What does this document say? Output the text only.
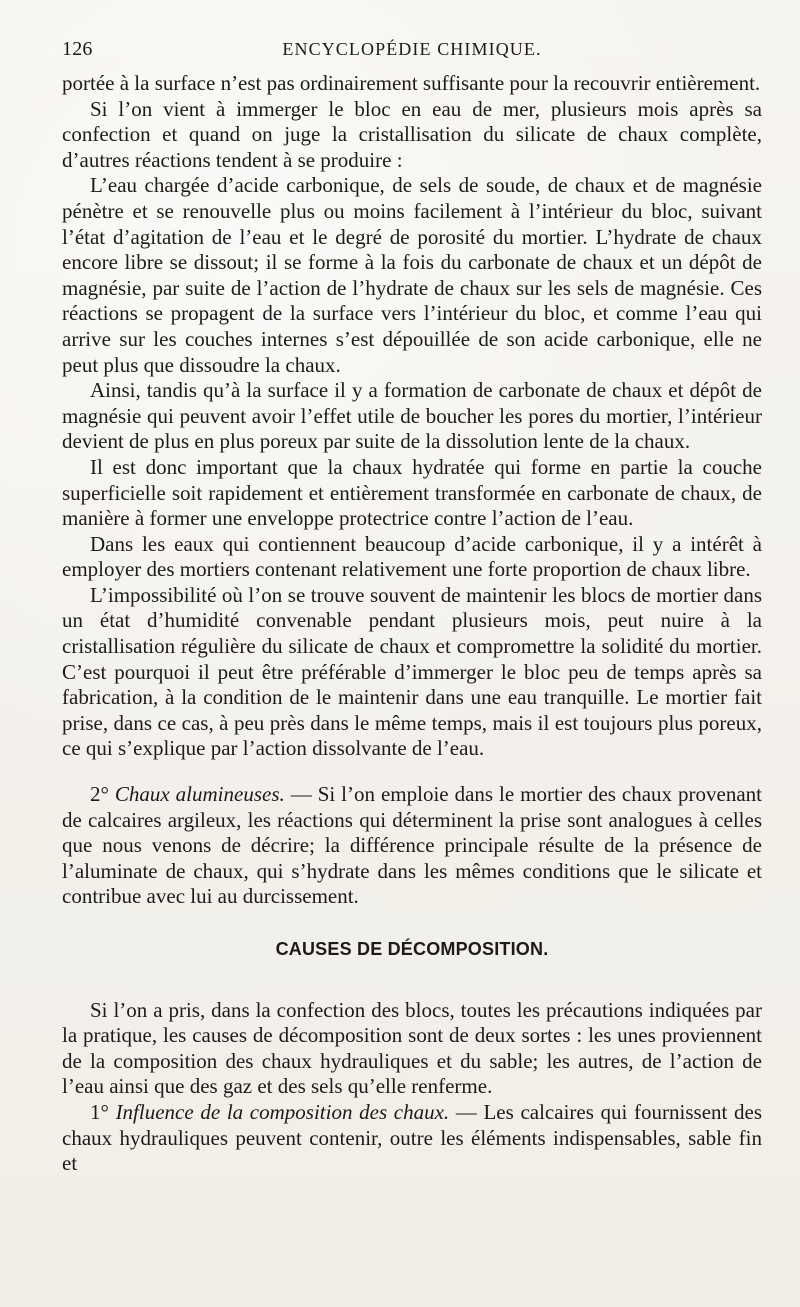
126	ENCYCLOPÉDIE CHIMIQUE.

portée à la surface n’est pas ordinairement suffisante pour la recouvrir entièrement.

Si l’on vient à immerger le bloc en eau de mer, plusieurs mois après sa confection et quand on juge la cristallisation du silicate de chaux complète, d’autres réactions tendent à se produire :

L’eau chargée d’acide carbonique, de sels de soude, de chaux et de magnésie pénètre et se renouvelle plus ou moins facilement à l’intérieur du bloc, suivant l’état d’agitation de l’eau et le degré de porosité du mortier. L’hydrate de chaux encore libre se dissout; il se forme à la fois du carbonate de chaux et un dépôt de magnésie, par suite de l’action de l’hydrate de chaux sur les sels de magnésie. Ces réactions se propagent de la surface vers l’intérieur du bloc, et comme l’eau qui arrive sur les couches internes s’est dépouillée de son acide carbonique, elle ne peut plus que dissoudre la chaux.

Ainsi, tandis qu’à la surface il y a formation de carbonate de chaux et dépôt de magnésie qui peuvent avoir l’effet utile de boucher les pores du mortier, l’intérieur devient de plus en plus poreux par suite de la dissolution lente de la chaux.

Il est donc important que la chaux hydratée qui forme en partie la couche superficielle soit rapidement et entièrement transformée en carbonate de chaux, de manière à former une enveloppe protectrice contre l’action de l’eau.

Dans les eaux qui contiennent beaucoup d’acide carbonique, il y a intérêt à employer des mortiers contenant relativement une forte proportion de chaux libre.

L’impossibilité où l’on se trouve souvent de maintenir les blocs de mortier dans un état d’humidité convenable pendant plusieurs mois, peut nuire à la cristallisation régulière du silicate de chaux et compromettre la solidité du mortier. C’est pourquoi il peut être préférable d’immerger le bloc peu de temps après sa fabrication, à la condition de le maintenir dans une eau tranquille. Le mortier fait prise, dans ce cas, à peu près dans le même temps, mais il est toujours plus poreux, ce qui s’explique par l’action dissolvante de l’eau.

2° Chaux alumineuses. — Si l’on emploie dans le mortier des chaux provenant de calcaires argileux, les réactions qui déterminent la prise sont analogues à celles que nous venons de décrire; la différence principale résulte de la présence de l’aluminate de chaux, qui s’hydrate dans les mêmes conditions que le silicate et contribue avec lui au durcissement.

CAUSES DE DÉCOMPOSITION.

Si l’on a pris, dans la confection des blocs, toutes les précautions indiquées par la pratique, les causes de décomposition sont de deux sortes : les unes proviennent de la composition des chaux hydrauliques et du sable; les autres, de l’action de l’eau ainsi que des gaz et des sels qu’elle renferme.

1° Influence de la composition des chaux. — Les calcaires qui fournissent des chaux hydrauliques peuvent contenir, outre les éléments indispensables, sable fin et
